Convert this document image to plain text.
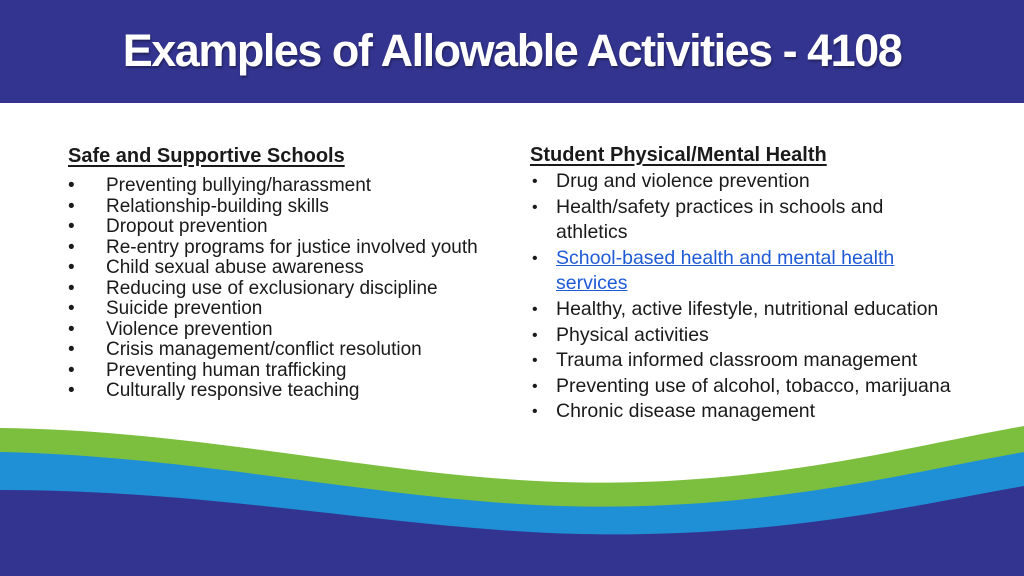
Examples of Allowable Activities - 4108

Safe and Supportive Schools

• Preventing bullying/harassment
• Relationship-building skills
• Dropout prevention
• Re-entry programs for justice involved youth
• Child sexual abuse awareness
• Reducing use of exclusionary discipline
• Suicide prevention
• Violence prevention
• Crisis management/conflict resolution
• Preventing human trafficking
• Culturally responsive teaching

Student Physical/Mental Health

• Drug and violence prevention
• Health/safety practices in schools and athletics
• School-based health and mental health services
• Healthy, active lifestyle, nutritional education
• Physical activities
• Trauma informed classroom management
• Preventing use of alcohol, tobacco, marijuana
• Chronic disease management
